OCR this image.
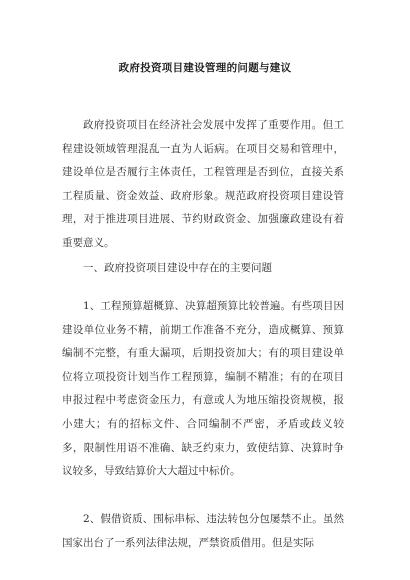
政府投资项目建设管理的问题与建议

政府投资项目在经济社会发展中发挥了重要作用。但工程建设领域管理混乱一直为人诟病。在项目交易和管理中，建设单位是否履行主体责任，工程管理是否到位，直接关系工程质量、资金效益、政府形象。规范政府投资项目建设管理，对于推进项目进展、节约财政资金、加强廉政建设有着重要意义。

一、政府投资项目建设中存在的主要问题

1、工程预算超概算、决算超预算比较普遍。有些项目因建设单位业务不精，前期工作准备不充分，造成概算、预算编制不完整，有重大漏项，后期投资加大；有的项目建设单位将立项投资计划当作工程预算，编制不精准；有的在项目申报过程中考虑资金压力，有意或人为地压缩投资规模，报小建大；有的招标文件、合同编制不严密，矛盾或歧义较多，限制性用语不准确、缺乏约束力，致使结算、决算时争议较多，导致结算价大大超过中标价。

2、假借资质、围标串标、违法转包分包屡禁不止。虽然国家出台了一系列法律法规，严禁资质借用。但是实际
